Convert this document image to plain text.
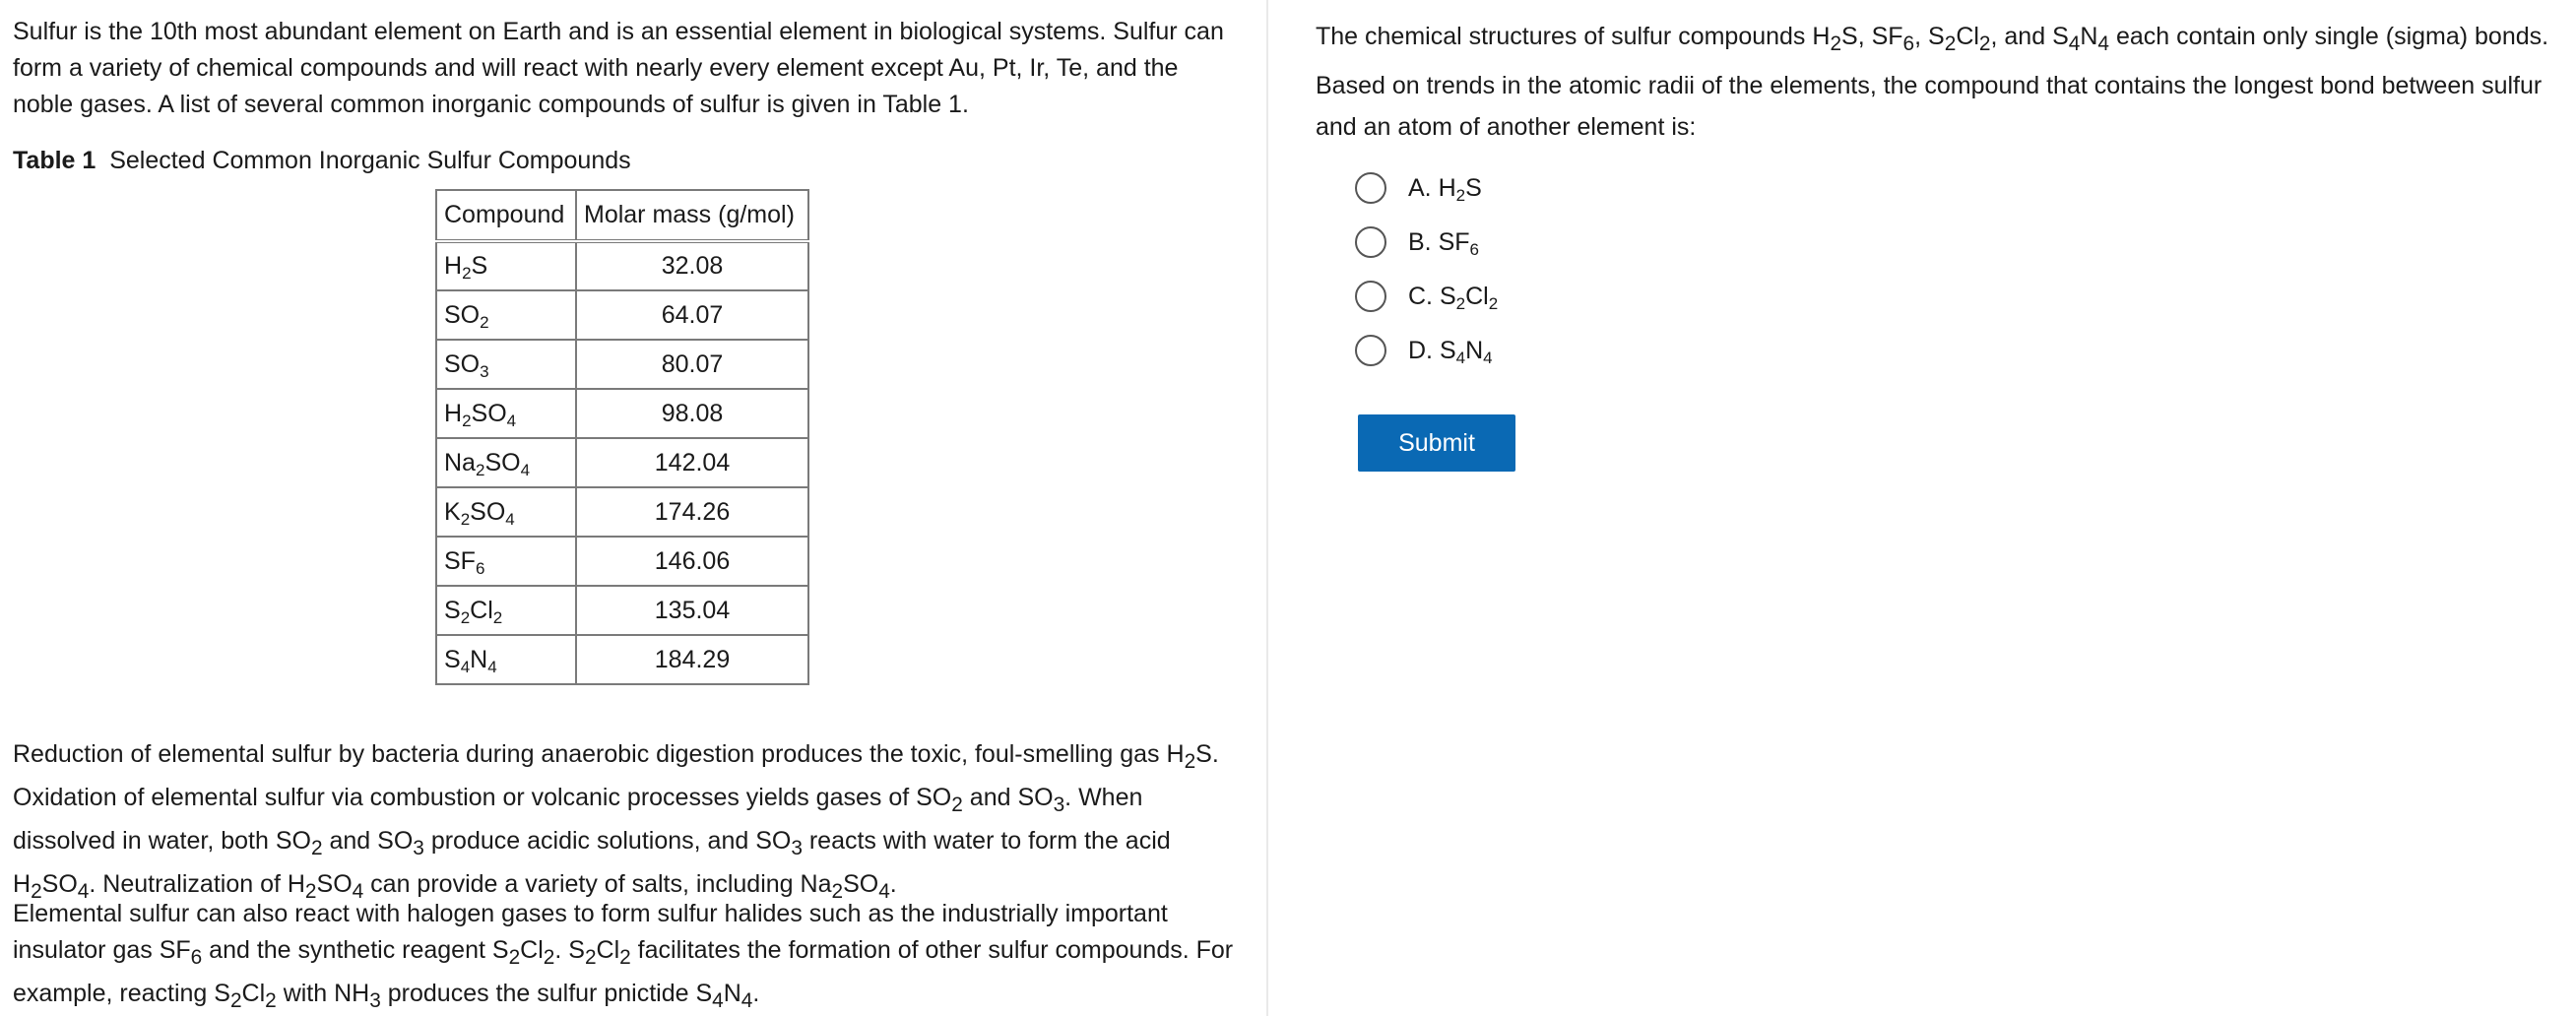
Sulfur is the 10th most abundant element on Earth and is an essential element in biological systems. Sulfur can form a variety of chemical compounds and will react with nearly every element except Au, Pt, Ir, Te, and the noble gases. A list of several common inorganic compounds of sulfur is given in Table 1.

Table 1 Selected Common Inorganic Sulfur Compounds
Compound	Molar mass (g/mol)
$H_2S$	32.08
$SO_2$	64.07
$SO_3$	80.07
$H_2SO_4$	98.08
$Na_2SO_4$	142.04
$K_2SO_4$	174.26
$SF_6$	146.06
$S_2Cl_2$	135.04
$S_4N_4$	184.29

Reduction of elemental sulfur by bacteria during anaerobic digestion produces the toxic, foul-smelling gas $H_2S$. Oxidation of elemental sulfur via combustion or volcanic processes yields gases of $SO_2$ and $SO_3$. When dissolved in water, both $SO_2$ and $SO_3$ produce acidic solutions, and $SO_3$ reacts with water to form the acid $H_2SO_4$. Neutralization of $H_2SO_4$ can provide a variety of salts, including $Na_2SO_4$.

Elemental sulfur can also react with halogen gases to form sulfur halides such as the industrially important insulator gas $SF_6$ and the synthetic reagent $S_2Cl_2$. $S_2Cl_2$ facilitates the formation of other sulfur compounds. For example, reacting $S_2Cl_2$ with $NH_3$ produces the sulfur pnictide $S_4N_4$.

The chemical structures of sulfur compounds $H_2S$, $SF_6$, $S_2Cl_2$, and $S_4N_4$ each contain only single (sigma) bonds. Based on trends in the atomic radii of the elements, the compound that contains the longest bond between sulfur and an atom of another element is:

A. $H_2S$
B. $SF_6$
C. $S_2Cl_2$
D. $S_4N_4$
Submit
